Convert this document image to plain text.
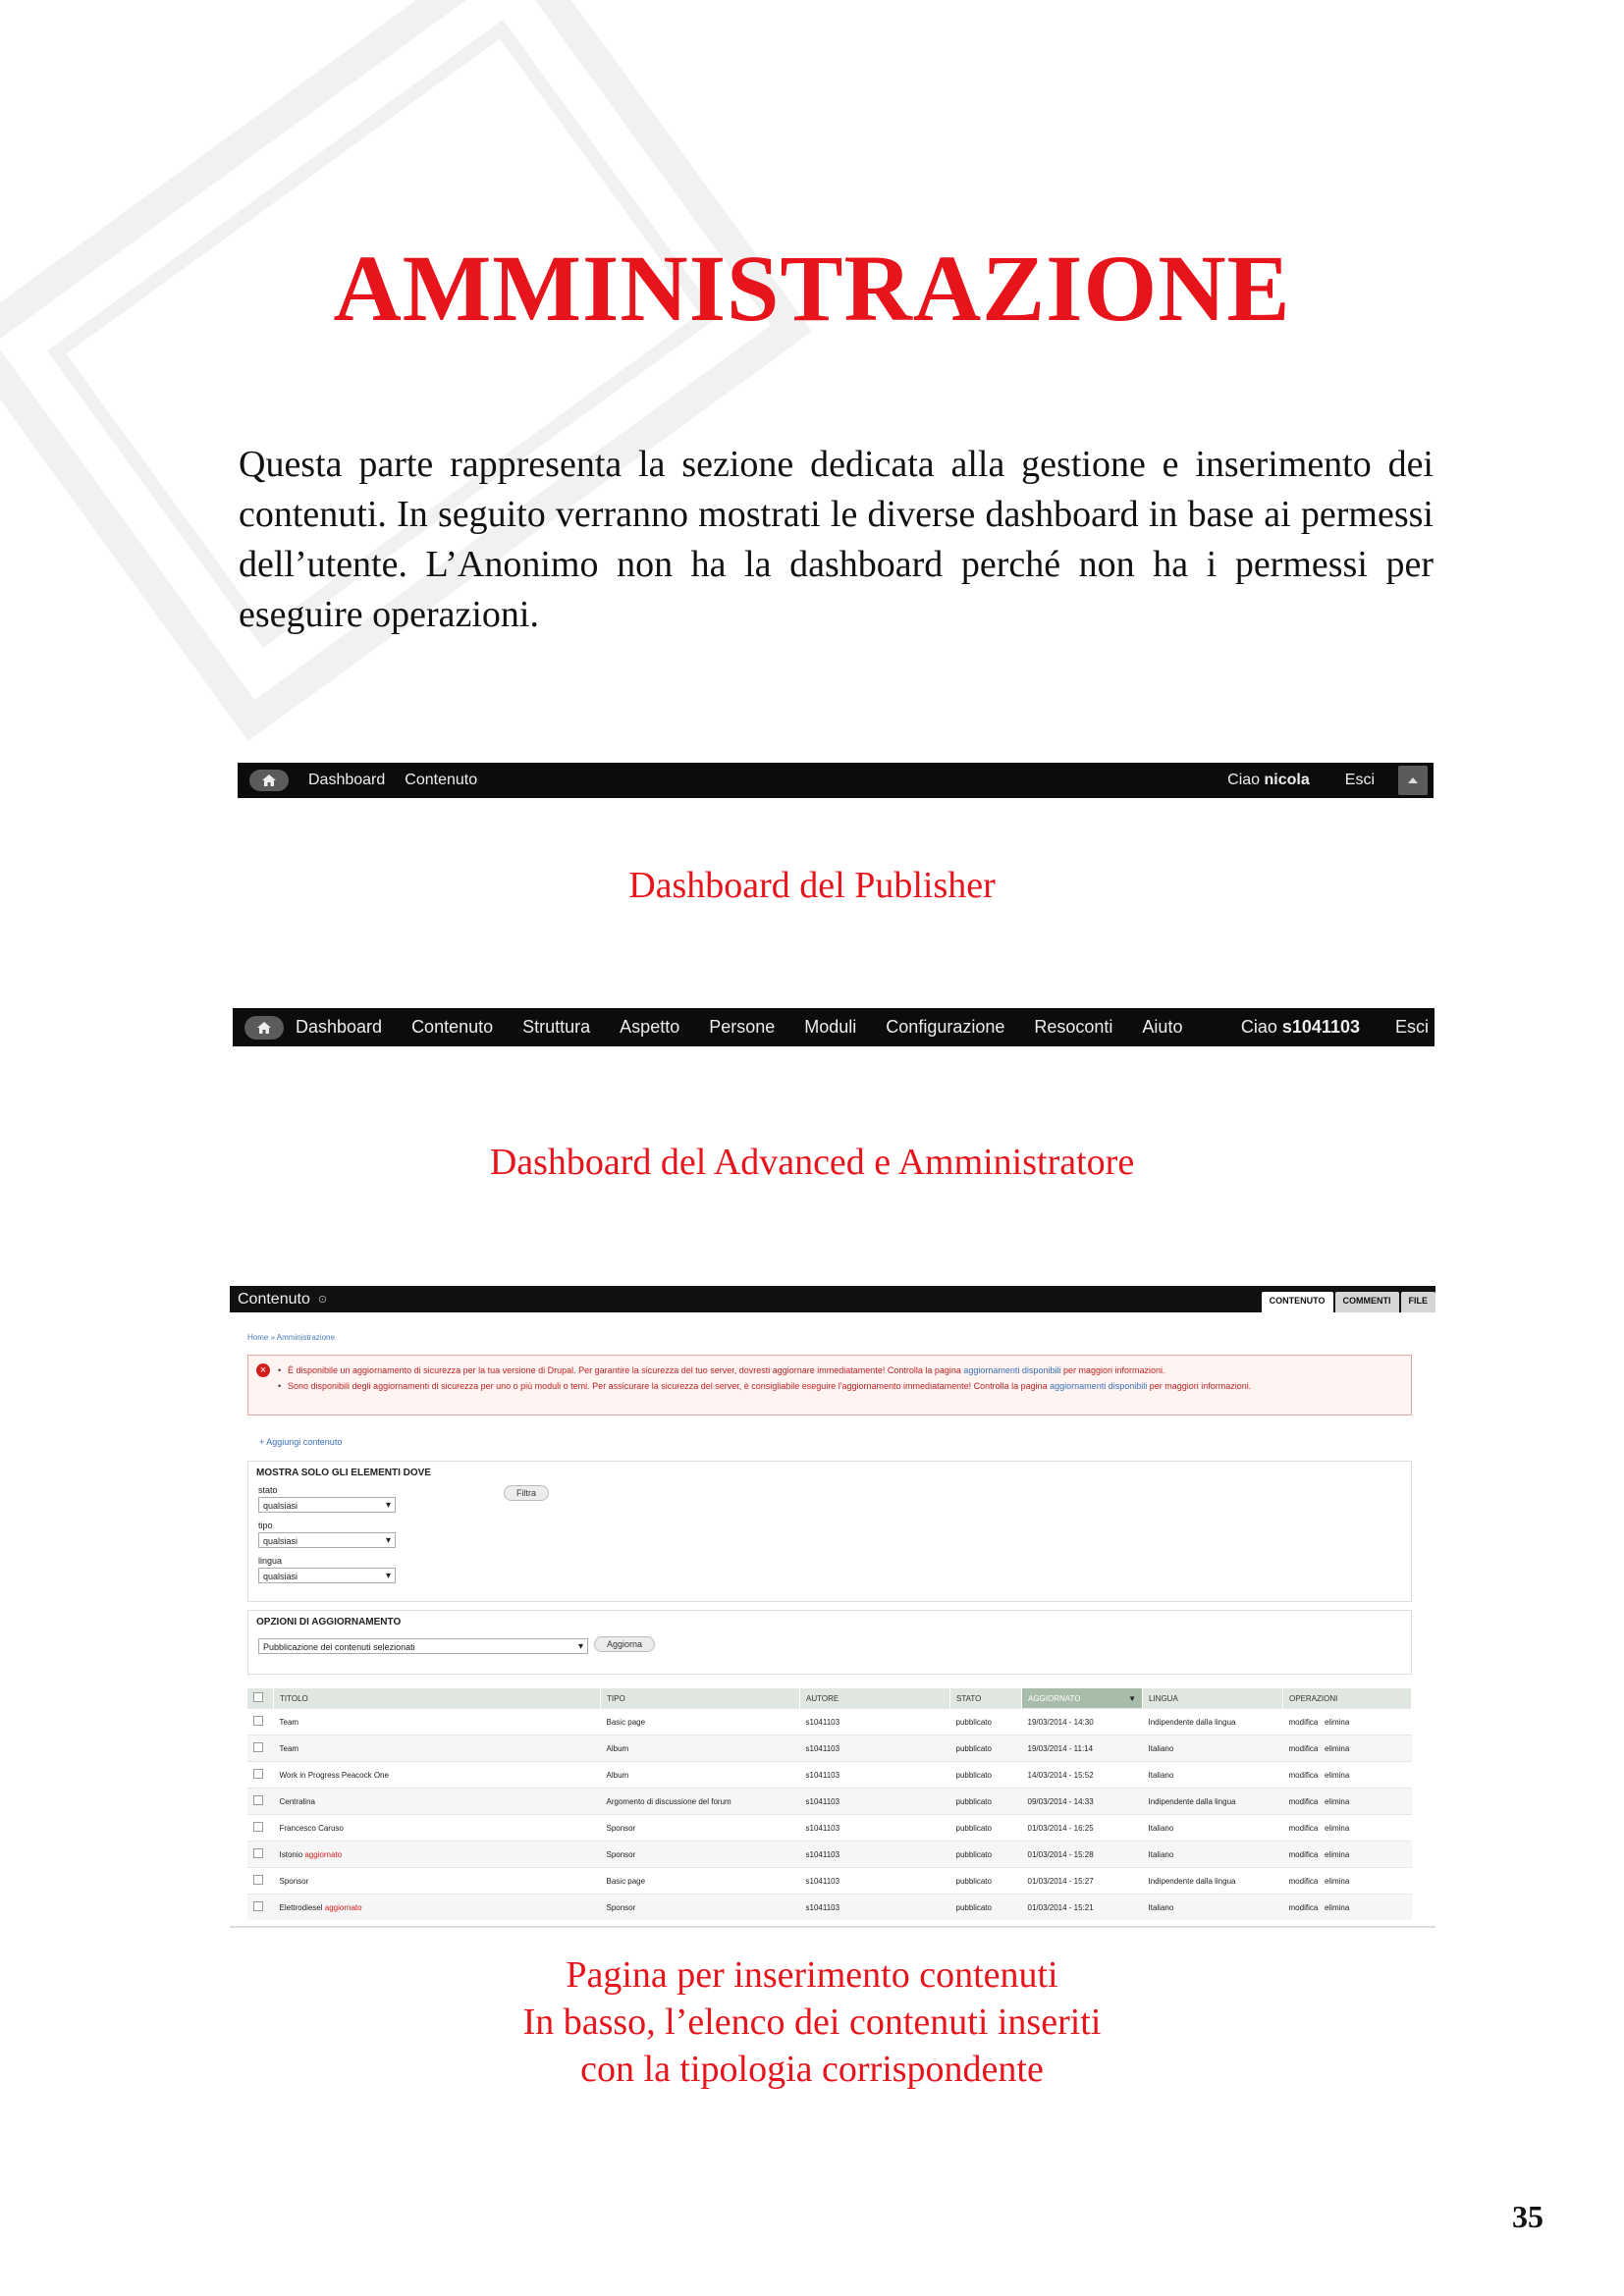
AMMINISTRAZIONE

Questa parte rappresenta la sezione dedicata alla gestione e inserimento dei contenuti. In seguito verranno mostrati le diverse dashboard in base ai permessi dell’utente. L’Anonimo non ha la dashboard perché non ha i permessi per eseguire operazioni.

Dashboard Contenuto	Ciao nicola Esci

Dashboard del Publisher

Dashboard Contenuto Struttura Aspetto Persone Moduli Configurazione Resoconti Aiuto	Ciao s1041103 Esci

Dashboard del Advanced e Amministratore

Contenuto ⊙	CONTENUTO	COMMENTI	FILE
Home » Amministrazione
×	• È disponibile un aggiornamento di sicurezza per la tua versione di Drupal. Per garantire la sicurezza del tuo server, dovresti aggiornare immediatamente! Controlla la pagina aggiornamenti disponibili per maggiori informazioni.
• Sono disponibili degli aggiornamenti di sicurezza per uno o più moduli o temi. Per assicurare la sicurezza del server, è consigliabile eseguire l'aggiornamento immediatamente! Controlla la pagina aggiornamenti disponibili per maggiori informazioni.
+ Aggiungi contenuto
MOSTRA SOLO GLI ELEMENTI DOVE
stato
qualsiasi ▾
tipo
qualsiasi ▾
lingua
qualsiasi ▾
Filtra
OPZIONI DI AGGIORNAMENTO
Pubblicazione dei contenuti selezionati ▾	Aggiorna
	TITOLO	TIPO	AUTORE	STATO	AGGIORNATO ▼	LINGUA	OPERAZIONI
	Team	Basic page	s1041103	pubblicato	19/03/2014 - 14:30	Indipendente dalla lingua	modifica elimina
	Team	Album	s1041103	pubblicato	19/03/2014 - 11:14	Italiano	modifica elimina
	Work in Progress Peacock One	Album	s1041103	pubblicato	14/03/2014 - 15:52	Italiano	modifica elimina
	Centralina	Argomento di discussione del forum	s1041103	pubblicato	09/03/2014 - 14:33	Indipendente dalla lingua	modifica elimina
	Francesco Caruso	Sponsor	s1041103	pubblicato	01/03/2014 - 16:25	Italiano	modifica elimina
	Istonio aggiornato	Sponsor	s1041103	pubblicato	01/03/2014 - 15:28	Italiano	modifica elimina
	Sponsor	Basic page	s1041103	pubblicato	01/03/2014 - 15:27	Indipendente dalla lingua	modifica elimina
	Elettrodiesel aggiornato	Sponsor	s1041103	pubblicato	01/03/2014 - 15:21	Italiano	modifica elimina

Pagina per inserimento contenuti
In basso, l’elenco dei contenuti inseriti
con la tipologia corrispondente

35
